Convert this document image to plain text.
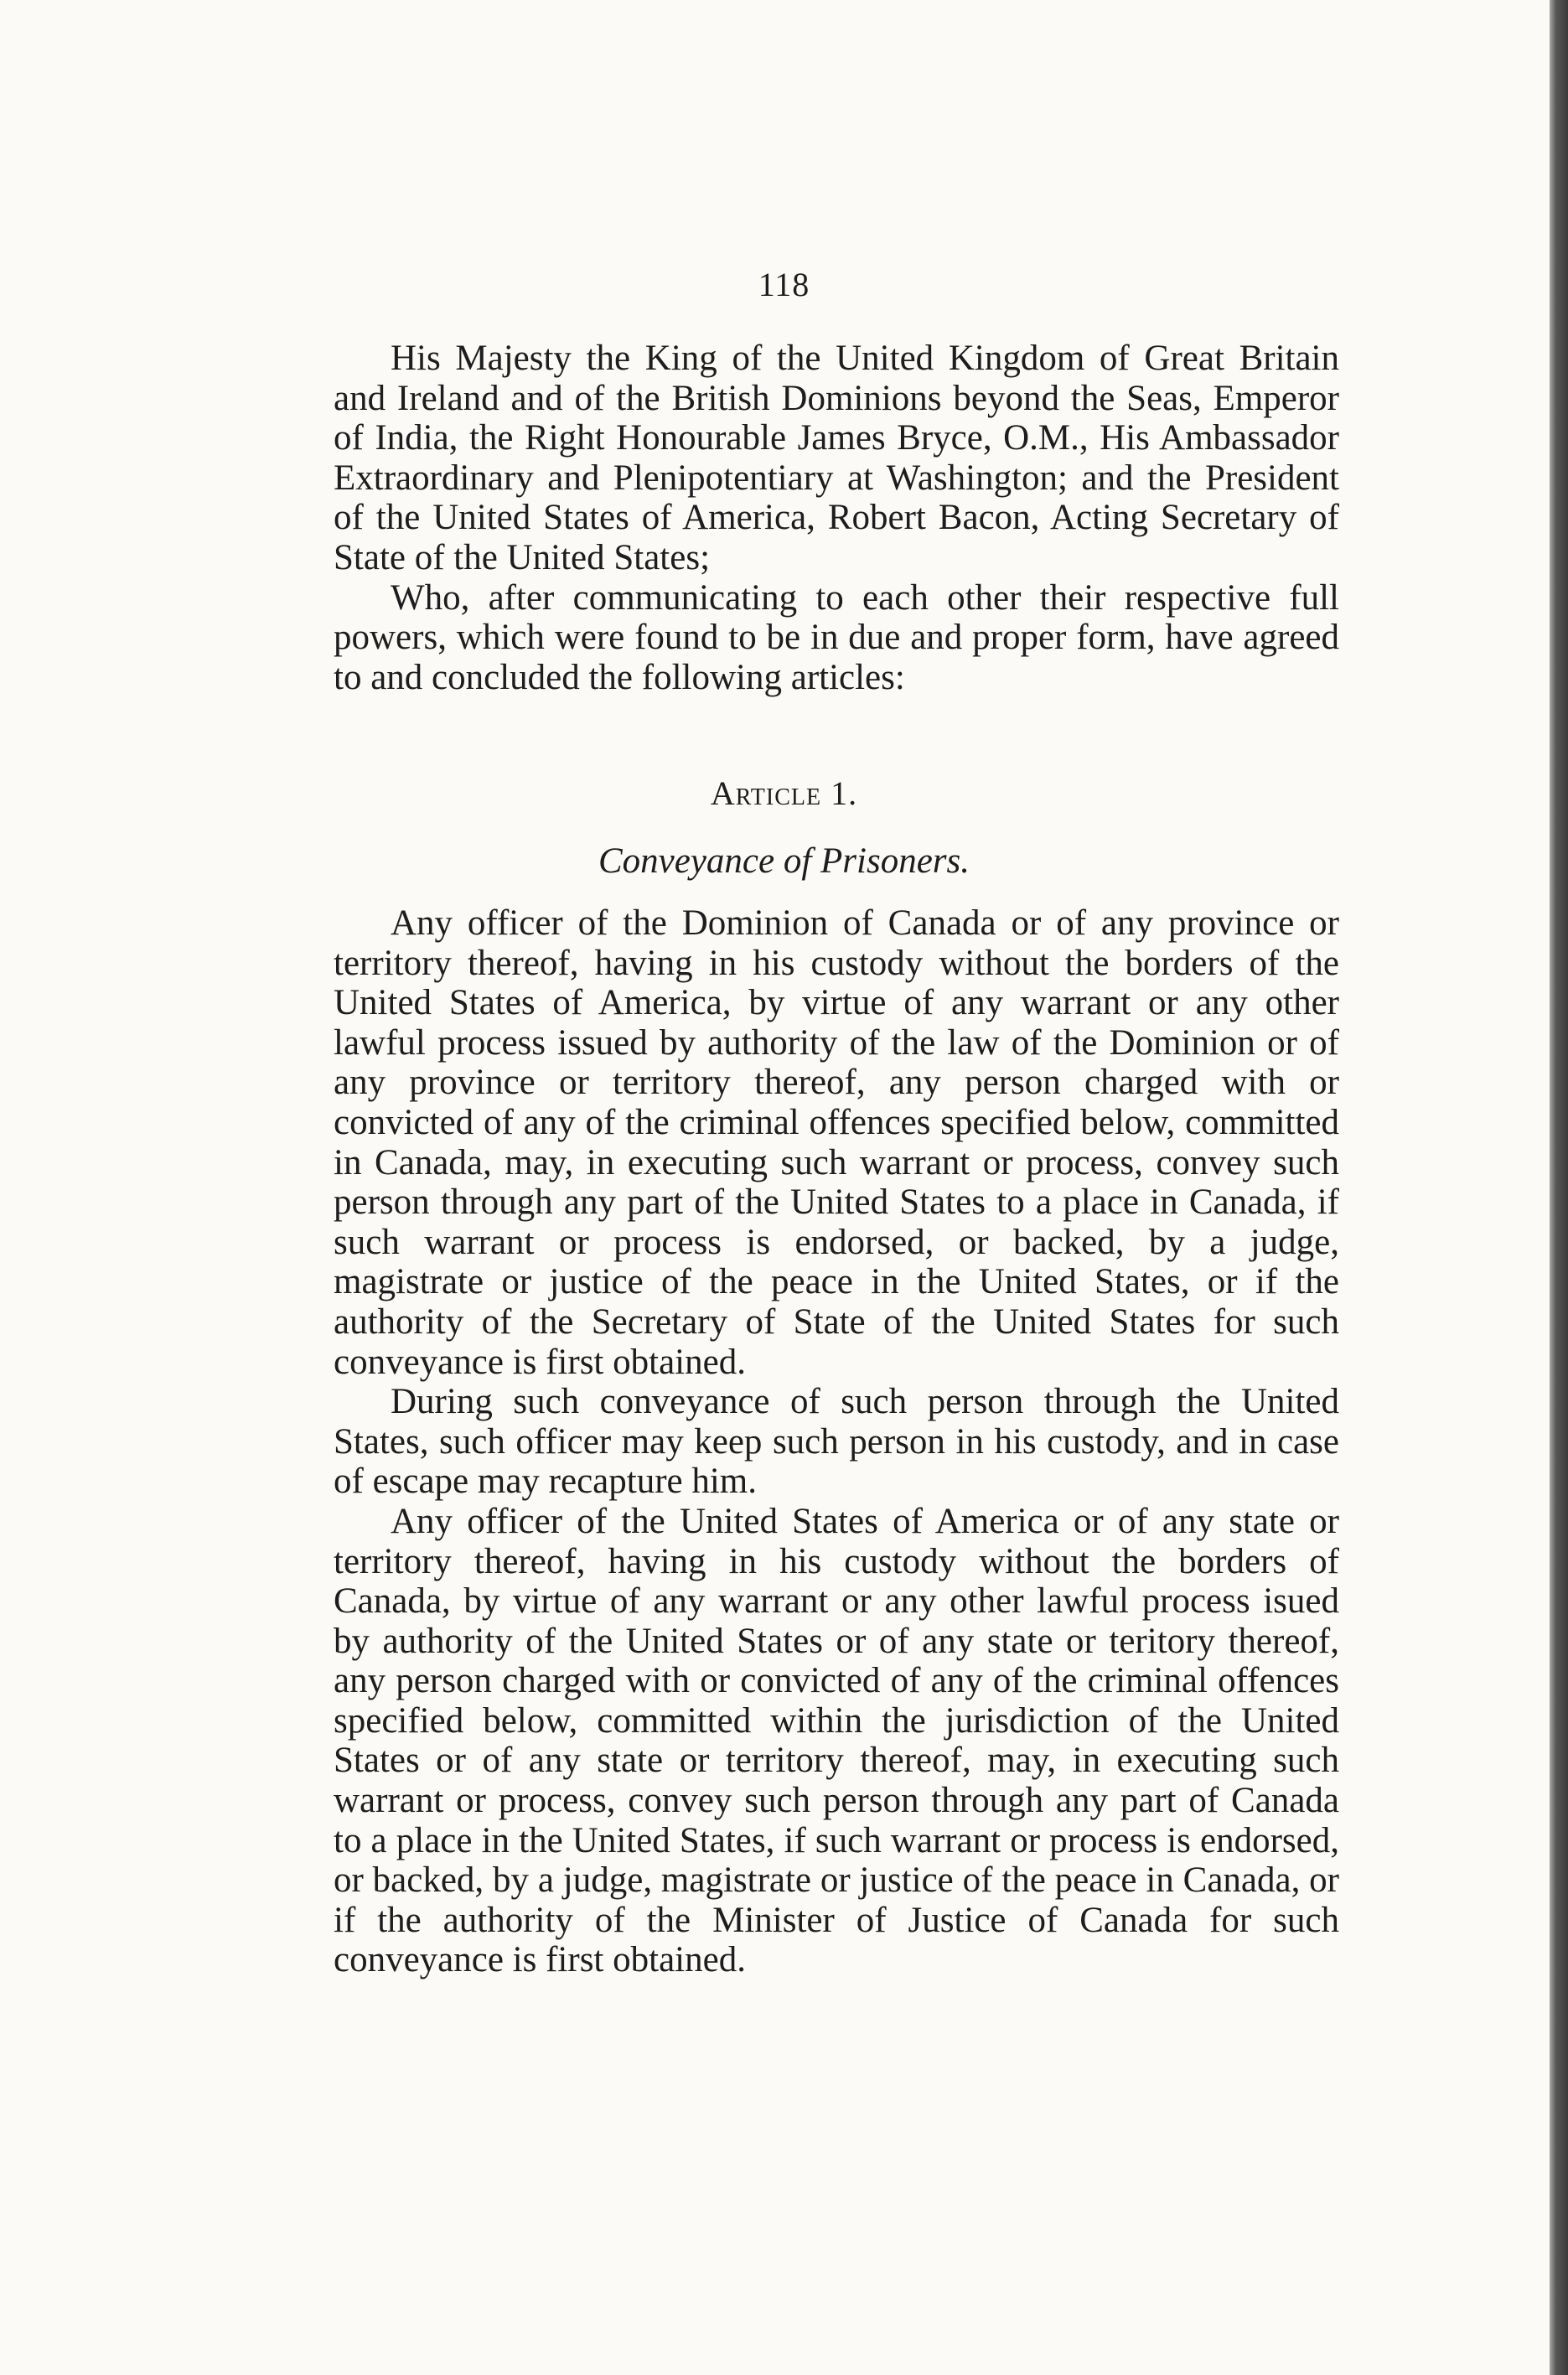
118

His Majesty the King of the United Kingdom of Great Britain and Ireland and of the British Dominions beyond the Seas, Emperor of India, the Right Honourable James Bryce, O.M., His Ambassador Extraordinary and Plenipotentiary at Washington; and the President of the United States of America, Robert Bacon, Acting Secretary of State of the United States;

Who, after communicating to each other their respective full powers, which were found to be in due and proper form, have agreed to and concluded the following articles:

Article 1.
Conveyance of Prisoners.

Any officer of the Dominion of Canada or of any province or territory thereof, having in his custody without the borders of the United States of America, by virtue of any warrant or any other lawful process issued by authority of the law of the Dominion or of any province or territory thereof, any person charged with or convicted of any of the criminal offences specified below, committed in Canada, may, in executing such warrant or process, convey such person through any part of the United States to a place in Canada, if such warrant or process is endorsed, or backed, by a judge, magistrate or justice of the peace in the United States, or if the authority of the Secretary of State of the United States for such conveyance is first obtained.

During such conveyance of such person through the United States, such officer may keep such person in his custody, and in case of escape may recapture him.

Any officer of the United States of America or of any state or territory thereof, having in his custody without the borders of Canada, by virtue of any warrant or any other lawful process isued by authority of the United States or of any state or teritory thereof, any person charged with or convicted of any of the criminal offences specified below, committed within the jurisdiction of the United States or of any state or territory thereof, may, in executing such warrant or process, convey such person through any part of Canada to a place in the United States, if such warrant or process is endorsed, or backed, by a judge, magistrate or justice of the peace in Canada, or if the authority of the Minister of Justice of Canada for such conveyance is first obtained.
